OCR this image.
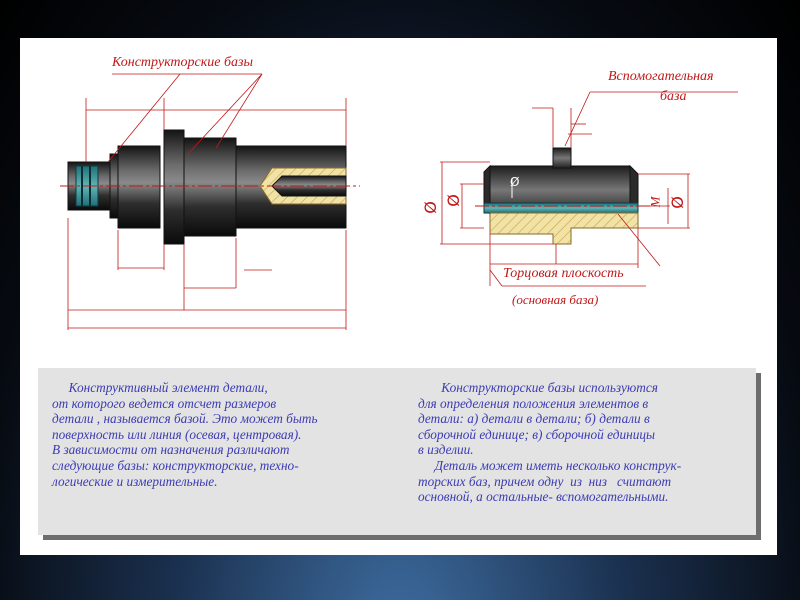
Конструкторские базы
Вспомогательная
база
Торцовая плоскость
(основная база)
Ø
Ø	Ø
M
Ø
Конструктивный элемент детали,
от которого ведется отсчет размеров
детали , называется базой. Это может быть
поверхность или линия (осевая, центровая).
В зависимости от назначения различают
следующие базы: конструкторские, техно-
логические и измерительные.
Конструкторские базы используются
для определения положения элементов в
детали: а) детали в детали; б) детали в
сборочной единице; в) сборочной единицы
в изделии.
Деталь может иметь несколько конструк-
торских баз, причем одну  из  низ   считают
основной, а остальные- вспомогательными.
